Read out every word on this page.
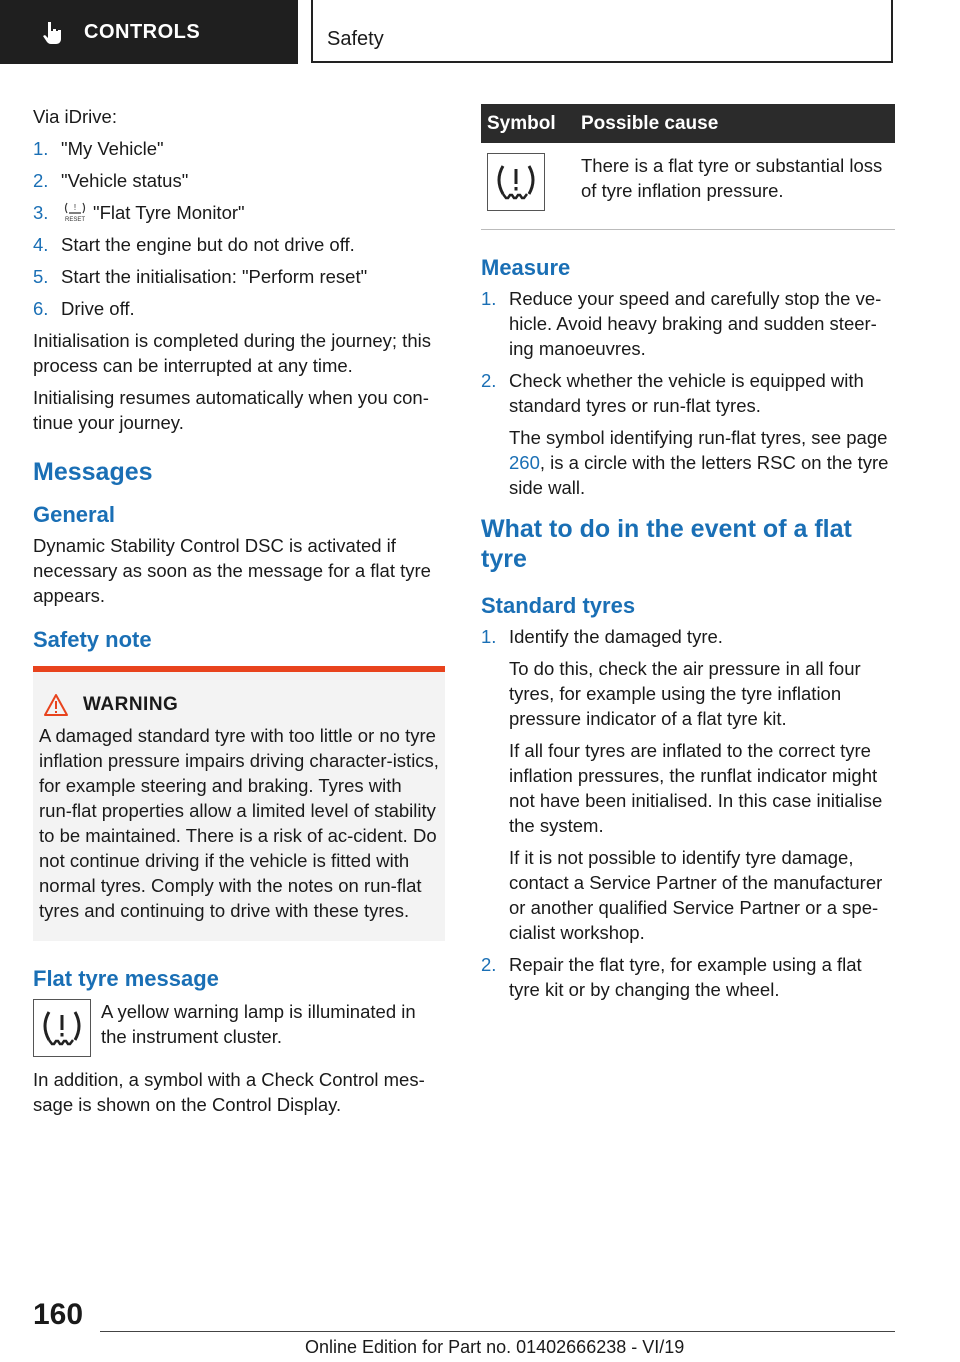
CONTROLS	Safety

Via iDrive:

1. "My Vehicle"
2. "Vehicle status"
3.	!
RESET "Flat Tyre Monitor"
4. Start the engine but do not drive off.
5. Start the initialisation: "Perform reset"
6. Drive off.

Initialisation is completed during the journey; this process can be interrupted at any time.

Initialising resumes automatically when you con‐tinue your journey.

Messages
General

Dynamic Stability Control DSC is activated if necessary as soon as the message for a flat tyre appears.

Safety note
WARNING
A damaged standard tyre with too little or no tyre inflation pressure impairs driving character‐istics, for example steering and braking. Tyres with run-flat properties allow a limited level of stability to be maintained. There is a risk of ac‐cident. Do not continue driving if the vehicle is fitted with normal tyres. Comply with the notes on run-flat tyres and continuing to drive with these tyres.
Flat tyre message
A yellow warning lamp is illuminated in the instrument cluster.

In addition, a symbol with a Check Control mes‐sage is shown on the Control Display.

Symbol	Possible cause

	There is a flat tyre or substantial loss of tyre inflation pressure.
Measure
1. Reduce your speed and carefully stop the ve‐hicle. Avoid heavy braking and sudden steer‐ing manoeuvres.
2. Check whether the vehicle is equipped with standard tyres or run-flat tyres.

The symbol identifying run-flat tyres, see page 260, is a circle with the letters RSC on the tyre side wall.

What to do in the event of a flat tyre
Standard tyres
1. Identify the damaged tyre.

To do this, check the air pressure in all four tyres, for example using the tyre inflation pressure indicator of a flat tyre kit.

If all four tyres are inflated to the correct tyre inflation pressures, the runflat indicator might not have been initialised. In this case initialise the system.

If it is not possible to identify tyre damage, contact a Service Partner of the manufacturer or another qualified Service Partner or a spe‐cialist workshop.

2. Repair the flat tyre, for example using a flat tyre kit or by changing the wheel.
160
Online Edition for Part no. 01402666238 - VI/19
